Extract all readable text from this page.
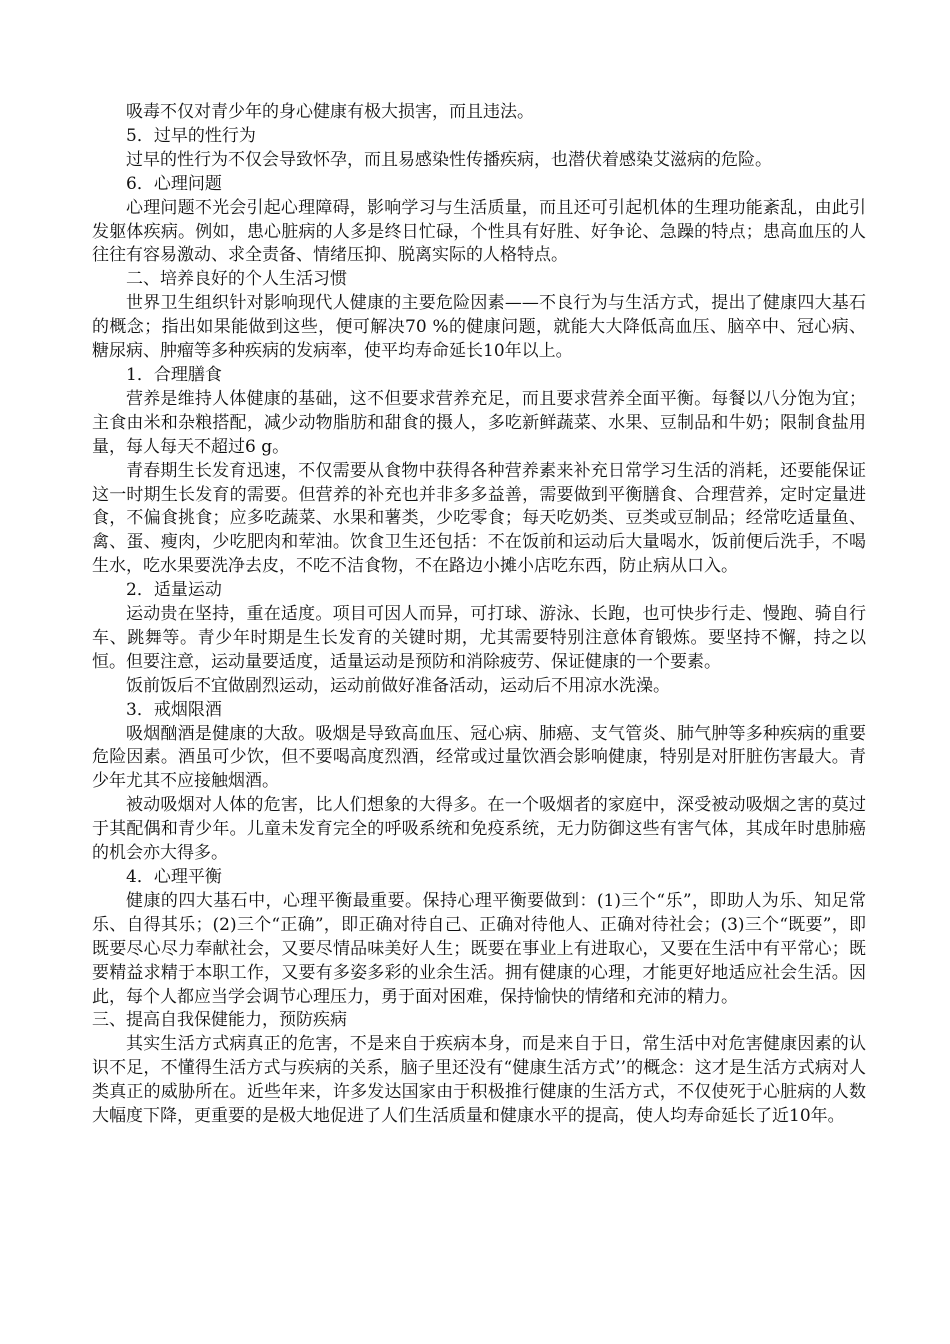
吸毒不仅对青少年的身心健康有极大损害，而且违法。

5．过早的性行为

过早的性行为不仅会导致怀孕，而且易感染性传播疾病，也潜伏着感染艾滋病的危险。

6．心理问题

心理问题不光会引起心理障碍，影响学习与生活质量，而且还可引起机体的生理功能紊乱，由此引发躯体疾病。例如，患心脏病的人多是终日忙碌，个性具有好胜、好争论、急躁的特点；患高血压的人往往有容易激动、求全责备、情绪压抑、脱离实际的人格特点。

二、培养良好的个人生活习惯

世界卫生组织针对影响现代人健康的主要危险因素——不良行为与生活方式，提出了健康四大基石的概念；指出如果能做到这些，便可解决70 %的健康问题，就能大大降低高血压、脑卒中、冠心病、糖尿病、肿瘤等多种疾病的发病率，使平均寿命延长10年以上。

1．合理膳食

营养是维持人体健康的基础，这不但要求营养充足，而且要求营养全面平衡。每餐以八分饱为宜；主食由米和杂粮搭配，减少动物脂肪和甜食的摄人，多吃新鲜蔬菜、水果、豆制品和牛奶；限制食盐用量，每人每天不超过6 g。

青春期生长发育迅速，不仅需要从食物中获得各种营养素来补充日常学习生活的消耗，还要能保证这一时期生长发育的需要。但营养的补充也并非多多益善，需要做到平衡膳食、合理营养，定时定量进食，不偏食挑食；应多吃蔬菜、水果和薯类，少吃零食；每天吃奶类、豆类或豆制品；经常吃适量鱼、禽、蛋、瘦肉，少吃肥肉和荤油。饮食卫生还包括：不在饭前和运动后大量喝水，饭前便后洗手，不喝生水，吃水果要洗净去皮，不吃不洁食物，不在路边小摊小店吃东西，防止病从口入。

2．适量运动

运动贵在坚持，重在适度。项目可因人而异，可打球、游泳、长跑，也可快步行走、慢跑、骑自行车、跳舞等。青少年时期是生长发育的关键时期，尤其需要特别注意体育锻炼。要坚持不懈，持之以恒。但要注意，运动量要适度，适量运动是预防和消除疲劳、保证健康的一个要素。

饭前饭后不宜做剧烈运动，运动前做好准备活动，运动后不用凉水洗澡。

3．戒烟限酒

吸烟酗酒是健康的大敌。吸烟是导致高血压、冠心病、肺癌、支气管炎、肺气肿等多种疾病的重要危险因素。酒虽可少饮，但不要喝高度烈酒，经常或过量饮酒会影响健康，特别是对肝脏伤害最大。青少年尤其不应接触烟酒。

被动吸烟对人体的危害，比人们想象的大得多。在一个吸烟者的家庭中，深受被动吸烟之害的莫过于其配偶和青少年。儿童未发育完全的呼吸系统和免疫系统，无力防御这些有害气体，其成年时患肺癌的机会亦大得多。

4．心理平衡

健康的四大基石中，心理平衡最重要。保持心理平衡要做到：(1)三个“乐”，即助人为乐、知足常乐、自得其乐；(2)三个“正确”，即正确对待自己、正确对待他人、正确对待社会；(3)三个“既要”，即既要尽心尽力奉献社会，又要尽情品味美好人生；既要在事业上有进取心，又要在生活中有平常心；既要精益求精于本职工作，又要有多姿多彩的业余生活。拥有健康的心理，才能更好地适应社会生活。因此，每个人都应当学会调节心理压力，勇于面对困难，保持愉快的情绪和充沛的精力。

三、提高自我保健能力，预防疾病

其实生活方式病真正的危害，不是来自于疾病本身，而是来自于日，常生活中对危害健康因素的认识不足，不懂得生活方式与疾病的关系，脑子里还没有“健康生活方式’’的概念：这才是生活方式病对人类真正的威胁所在。近些年来，许多发达国家由于积极推行健康的生活方式，不仅使死于心脏病的人数大幅度下降，更重要的是极大地促进了人们生活质量和健康水平的提高，使人均寿命延长了近10年。
